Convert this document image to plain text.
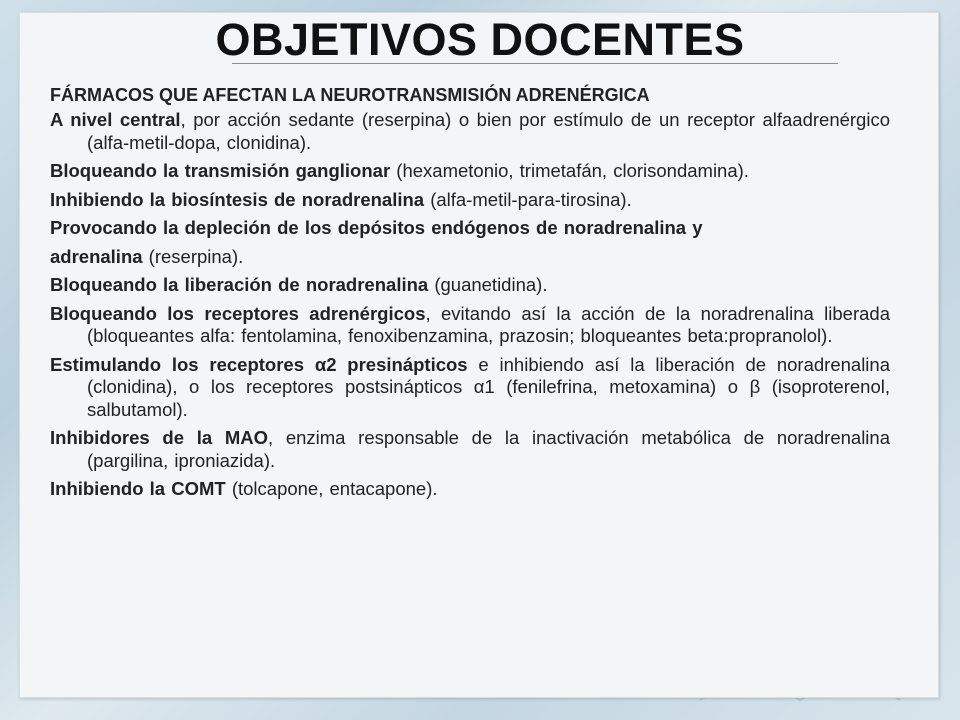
OBJETIVOS DOCENTES

FÁRMACOS QUE AFECTAN LA NEUROTRANSMISIÓN ADRENÉRGICA

A nivel central, por acción sedante (reserpina) o bien por estímulo de un receptor alfaadrenérgico (alfa-metil-dopa, clonidina).

Bloqueando la transmisión ganglionar (hexametonio, trimetafán, clorisondamina).

Inhibiendo la biosíntesis de noradrenalina (alfa-metil-para-tirosina).

Provocando la depleción de los depósitos endógenos de noradrenalina y

adrenalina (reserpina).

Bloqueando la liberación de noradrenalina (guanetidina).

Bloqueando los receptores adrenérgicos, evitando así la acción de la noradrenalina liberada (bloqueantes alfa: fentolamina, fenoxibenzamina, prazosin; bloqueantes beta:propranolol).

Estimulando los receptores α2 presinápticos e inhibiendo así la liberación de noradrenalina (clonidina), o los receptores postsinápticos α1 (fenilefrina, metoxamina) o β (isoproterenol, salbutamol).

Inhibidores de la MAO, enzima responsable de la inactivación metabólica de noradrenalina (pargilina, iproniazida).

Inhibiendo la COMT (tolcapone, entacapone).
